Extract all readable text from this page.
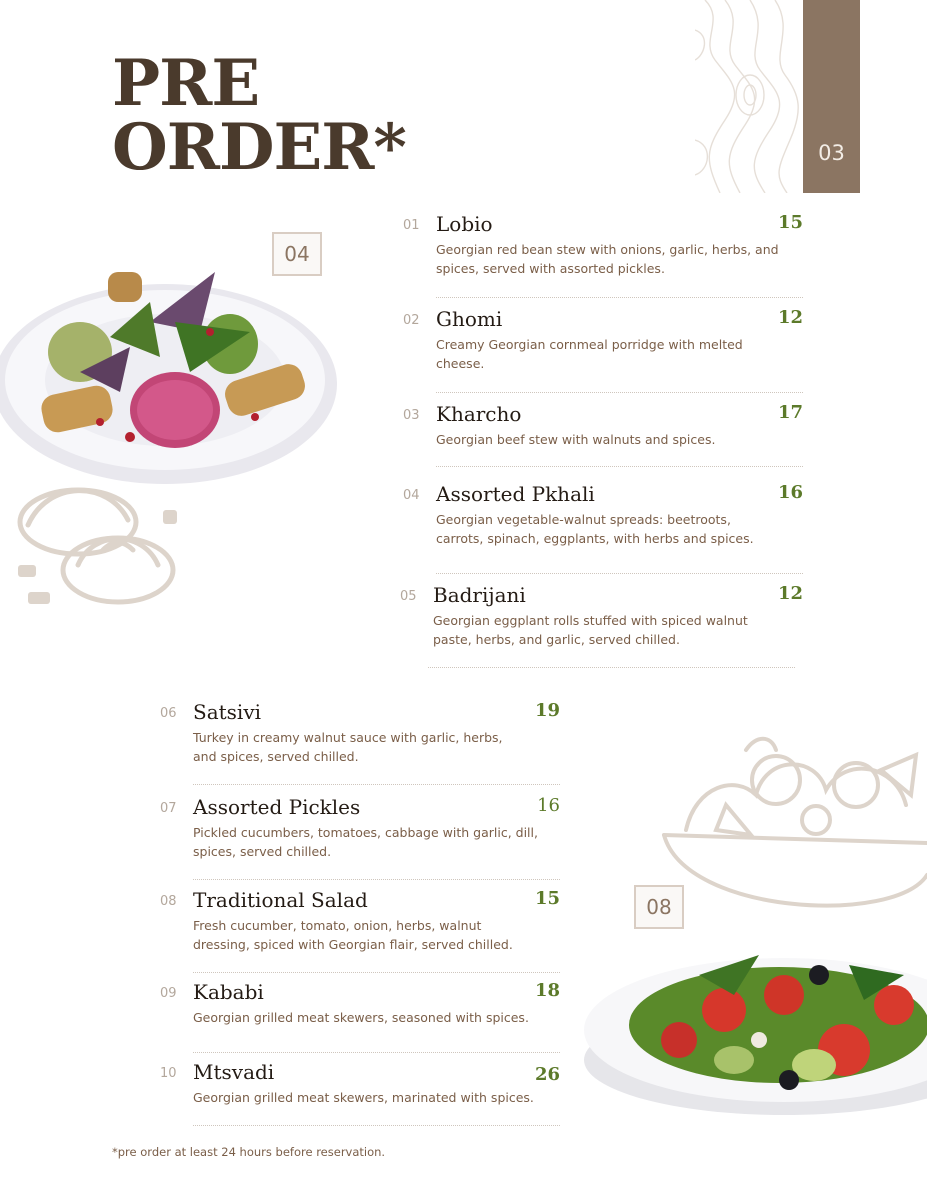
PRE
ORDER*	03
04
08
01 Lobio	15
Georgian red bean stew with onions, garlic, herbs, and spices, served with assorted pickles.
02 Ghomi	12
Creamy Georgian cornmeal porridge with melted cheese.
03 Kharcho	17
Georgian beef stew with walnuts and spices.
04 Assorted Pkhali	16
Georgian vegetable-walnut spreads: beetroots, carrots, spinach, eggplants, with herbs and spices.
05 Badrijani	12
Georgian eggplant rolls stuffed with spiced walnut paste, herbs, and garlic, served chilled.
06 Satsivi	19
Turkey in creamy walnut sauce with garlic, herbs, and spices, served chilled.
07 Assorted Pickles	16
Pickled cucumbers, tomatoes, cabbage with garlic, dill, spices, served chilled.
08 Traditional Salad	15
Fresh cucumber, tomato, onion, herbs, walnut dressing, spiced with Georgian flair, served chilled.
09 Kababi	18
Georgian grilled meat skewers, seasoned with spices.
10 Mtsvadi	26
Georgian grilled meat skewers, marinated with spices.
*pre order at least 24 hours before reservation.
